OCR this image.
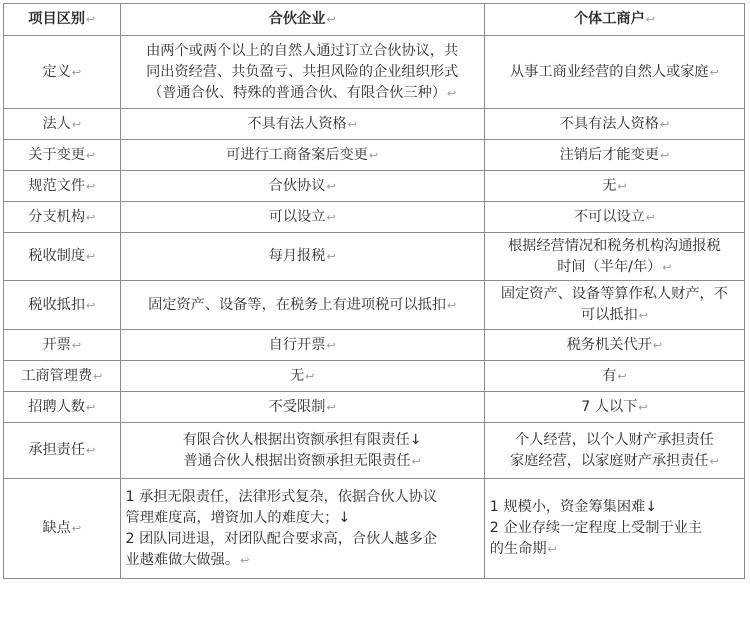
项目区别↩	合伙企业↩	个体工商户↩

定义↩	由两个或两个以上的自然人通过订立合伙协议，共
同出资经营、共负盈亏、共担风险的企业组织形式
（普通合伙、特殊的普通合伙、有限合伙三种）↩	从事工商业经营的自然人或家庭↩

法人↩	不具有法人资格↩	不具有法人资格↩

关于变更↩	可进行工商备案后变更↩	注销后才能变更↩

规范文件↩	合伙协议↩	无↩

分支机构↩	可以设立↩	不可以设立↩

税收制度↩	每月报税↩	根据经营情况和税务机构沟通报税
时间（半年/年）↩

税收抵扣↩	固定资产、设备等，在税务上有进项税可以抵扣↩	固定资产、设备等算作私人财产，不
可以抵扣↩

开票↩	自行开票↩	税务机关代开↩

工商管理费↩	无↩	有↩

招聘人数↩	不受限制↩	7 人以下↩

承担责任↩	有限合伙人根据出资额承担有限责任↓
普通合伙人根据出资额承担无限责任↩	个人经营，以个人财产承担责任
家庭经营，以家庭财产承担责任↩

缺点↩	1 承担无限责任，法律形式复杂，依据合伙人协议
管理难度高，增资加人的难度大；↓
2 团队同进退，对团队配合要求高，合伙人越多企
业越难做大做强。↩	1 规模小，资金筹集困难↓
2 企业存续一定程度上受制于业主
的生命期↩
